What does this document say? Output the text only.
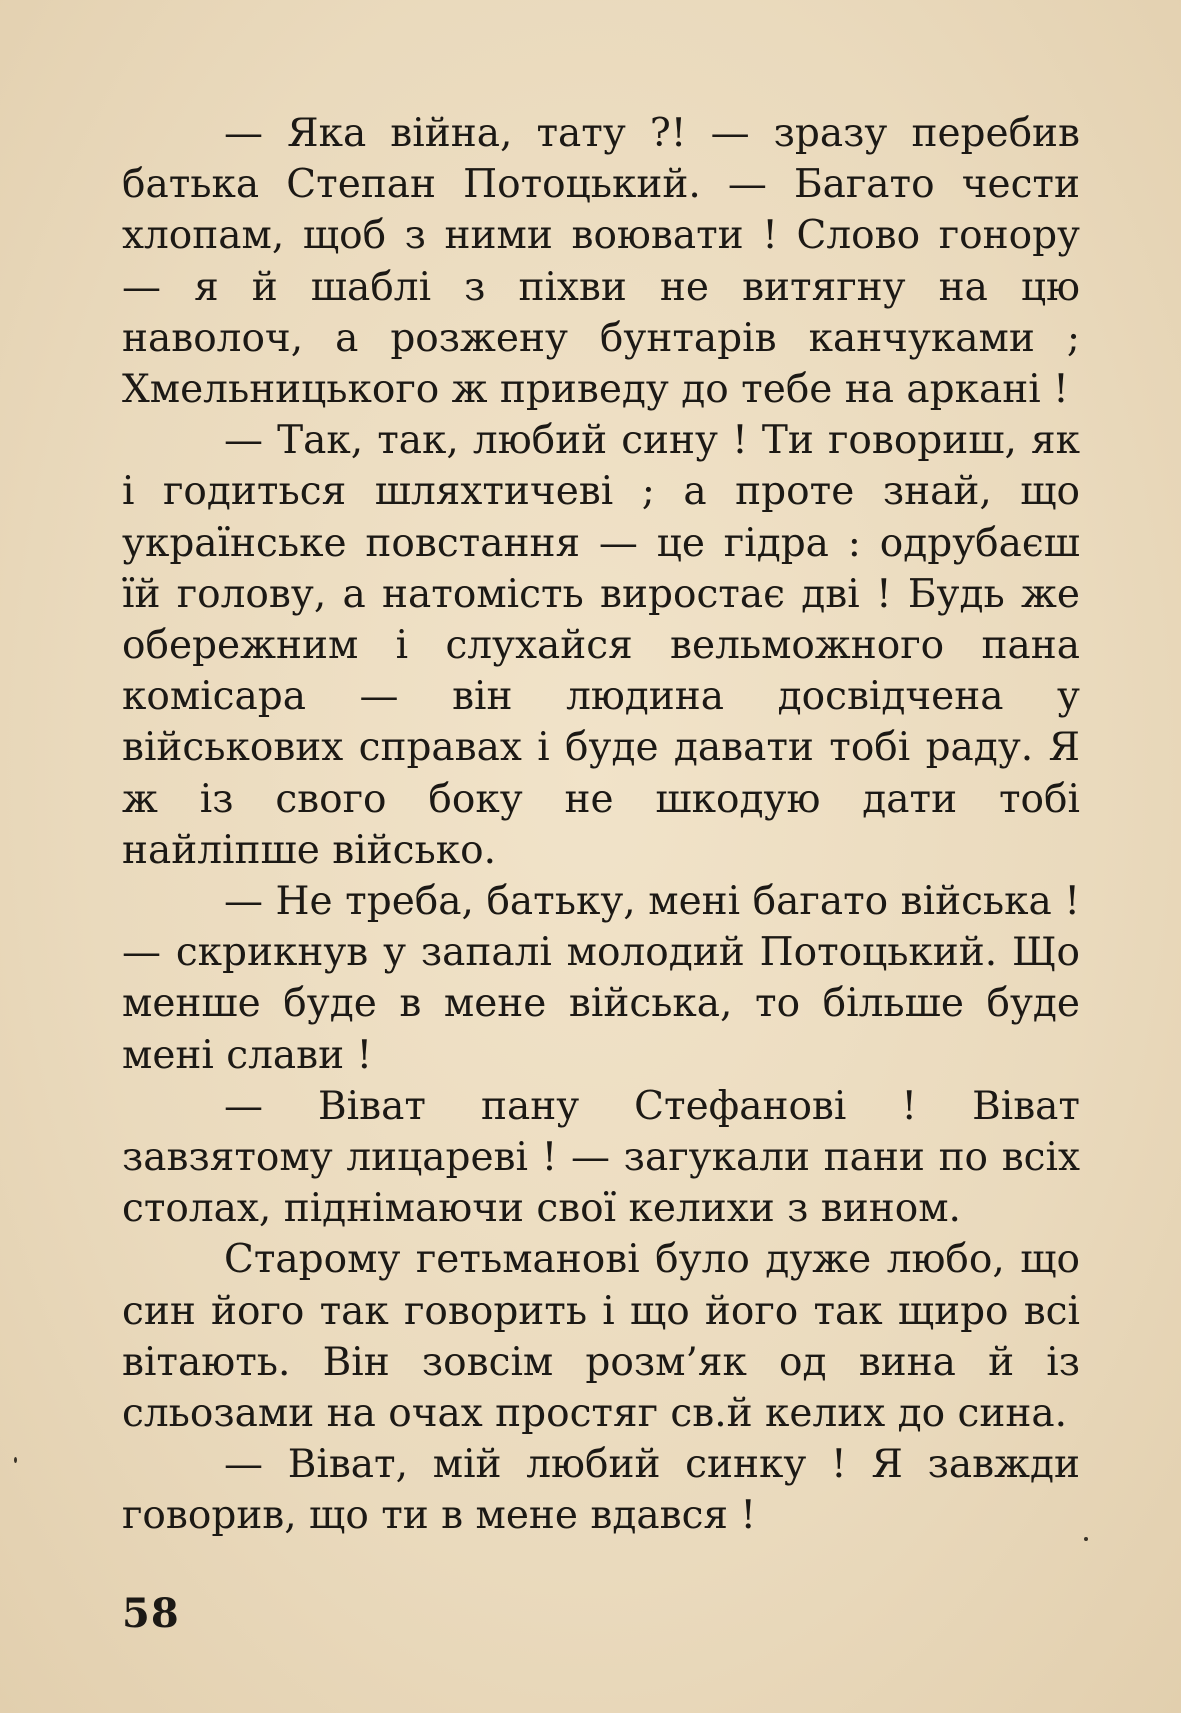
— Яка війна, тату ?! — зразу перебив батька Степан Потоцький. — Багато чести хлопам, щоб з ними воювати ! Слово гонору — я й шаблі з піхви не витягну на цю наволоч, а розжену бунтарів канчуками ; Хмельницького ж приведу до тебе на аркані !

— Так, так, любий сину ! Ти говориш, як і годиться шляхтичеві ; а проте знай, що українське повстання — це гідра : одрубаєш їй голову, а натомість виростає дві ! Будь же обережним і слухайся вельможного пана комісара — він людина досвідчена у військових справах і буде давати тобі раду. Я ж із свого боку не шкодую дати тобі найліпше військо.

— Не треба, батьку, мені багато війська ! — скрикнув у запалі молодий Потоцький. Що менше буде в мене війська, то більше буде мені слави !

— Віват пану Стефанові ! Віват завзятому лицареві ! — загукали пани по всіх столах, піднімаючи свої келихи з вином.

Старому гетьманові було дуже любо, що син його так говорить і що його так щиро всі вітають. Він зовсім розм’як од вина й із сльозами на очах простяг св.й келих до сина.

— Віват, мій любий синку ! Я завжди говорив, що ти в мене вдався !

58
